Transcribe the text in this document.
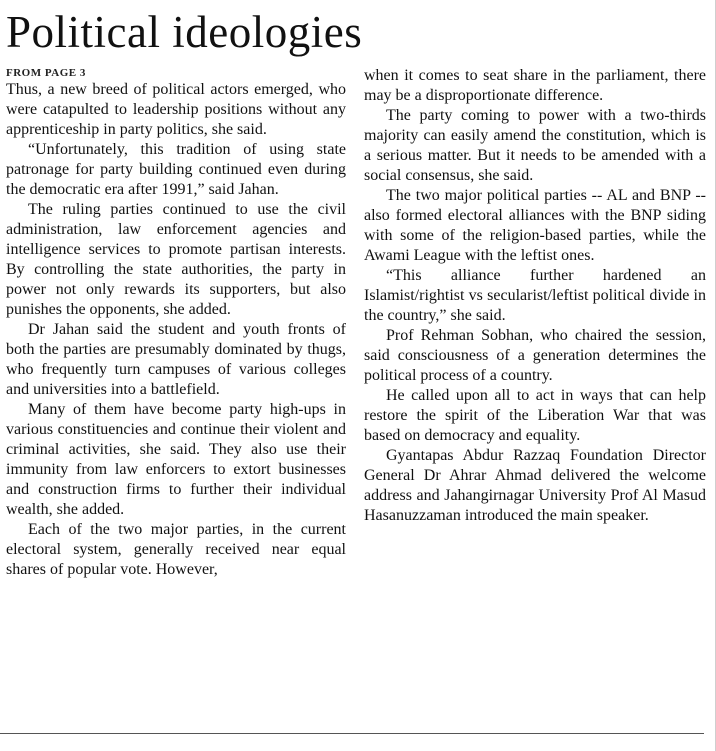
Political ideologies
FROM PAGE 3

Thus, a new breed of political actors emerged, who were catapulted to leadership positions without any apprenticeship in party politics, she said.

“Unfortunately, this tradition of using state patronage for party building continued even during the democratic era after 1991,” said Jahan.

The ruling parties continued to use the civil administration, law enforcement agencies and intelligence services to promote partisan interests. By controlling the state authorities, the party in power not only rewards its supporters, but also punishes the opponents, she added.

Dr Jahan said the student and youth fronts of both the parties are presumably dominated by thugs, who frequently turn campuses of various colleges and universities into a battlefield.

Many of them have become party high-ups in various constituencies and continue their violent and criminal activities, she said. They also use their immunity from law enforcers to extort businesses and construction firms to further their individual wealth, she added.

Each of the two major parties, in the current electoral system, generally received near equal shares of popular vote. However,

when it comes to seat share in the parliament, there may be a disproportionate difference.

The party coming to power with a two-thirds majority can easily amend the constitution, which is a serious matter. But it needs to be amended with a social consensus, she said.

The two major political parties -- AL and BNP -- also formed electoral alliances with the BNP siding with some of the religion-based parties, while the Awami League with the leftist ones.

“This alliance further hardened an Islamist/rightist vs secularist/leftist political divide in the country,” she said.

Prof Rehman Sobhan, who chaired the session, said consciousness of a generation determines the political process of a country.

He called upon all to act in ways that can help restore the spirit of the Liberation War that was based on democracy and equality.

Gyantapas Abdur Razzaq Foundation Director General Dr Ahrar Ahmad delivered the welcome address and Jahangirnagar University Prof Al Masud Hasanuzzaman introduced the main speaker.
